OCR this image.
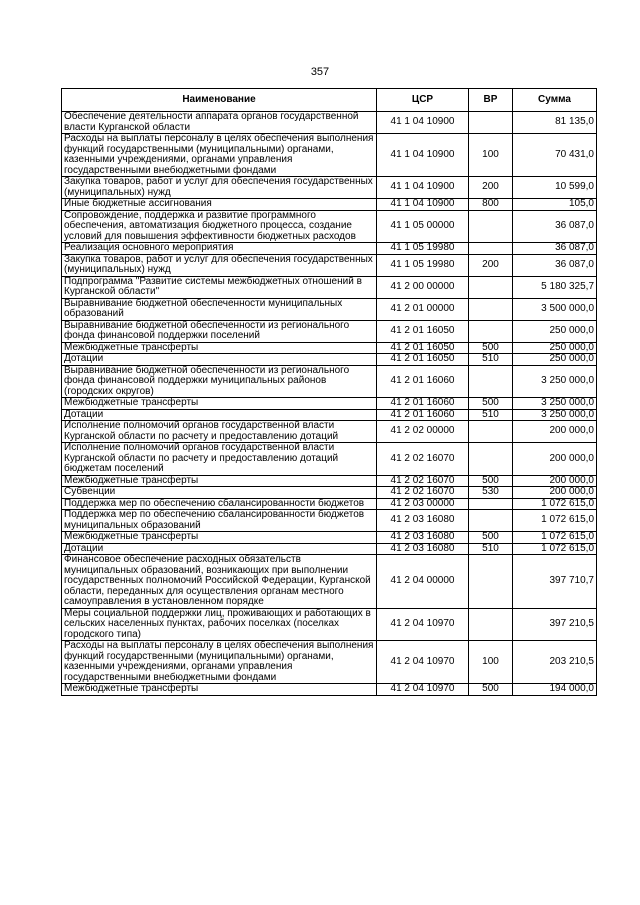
357
Наименование	ЦСР	ВР	Сумма
Обеспечение деятельности аппарата органов государственной власти Курганской области	41 1 04 10900		81 135,0
Расходы на выплаты персоналу в целях обеспечения выполнения функций государственными (муниципальными) органами, казенными учреждениями, органами управления государственными внебюджетными фондами	41 1 04 10900	100	70 431,0
Закупка товаров, работ и услуг для обеспечения государственных (муниципальных) нужд	41 1 04 10900	200	10 599,0
Иные бюджетные ассигнования	41 1 04 10900	800	105,0
Сопровождение, поддержка и развитие программного обеспечения, автоматизация бюджетного процесса, создание условий для повышения эффективности бюджетных расходов	41 1 05 00000		36 087,0
Реализация основного мероприятия	41 1 05 19980		36 087,0
Закупка товаров, работ и услуг для обеспечения государственных (муниципальных) нужд	41 1 05 19980	200	36 087,0
Подпрограмма "Развитие системы межбюджетных отношений в Курганской области"	41 2 00 00000		5 180 325,7
Выравнивание бюджетной обеспеченности муниципальных образований	41 2 01 00000		3 500 000,0
Выравнивание бюджетной обеспеченности из регионального фонда финансовой поддержки поселений	41 2 01 16050		250 000,0
Межбюджетные трансферты	41 2 01 16050	500	250 000,0
Дотации	41 2 01 16050	510	250 000,0
Выравнивание бюджетной обеспеченности из регионального фонда финансовой поддержки муниципальных районов (городских округов)	41 2 01 16060		3 250 000,0
Межбюджетные трансферты	41 2 01 16060	500	3 250 000,0
Дотации	41 2 01 16060	510	3 250 000,0
Исполнение полномочий органов государственной власти Курганской области по расчету и предоставлению дотаций	41 2 02 00000		200 000,0
Исполнение полномочий органов государственной власти Курганской области по расчету и предоставлению дотаций бюджетам поселений	41 2 02 16070		200 000,0
Межбюджетные трансферты	41 2 02 16070	500	200 000,0
Субвенции	41 2 02 16070	530	200 000,0
Поддержка мер по обеспечению сбалансированности бюджетов	41 2 03 00000		1 072 615,0
Поддержка мер по обеспечению сбалансированности бюджетов муниципальных образований	41 2 03 16080		1 072 615,0
Межбюджетные трансферты	41 2 03 16080	500	1 072 615,0
Дотации	41 2 03 16080	510	1 072 615,0
Финансовое обеспечение расходных обязательств муниципальных образований, возникающих при выполнении государственных полномочий Российской Федерации, Курганской области, переданных для осуществления органам местного самоуправления в установленном порядке	41 2 04 00000		397 710,7
Меры социальной поддержки лиц, проживающих и работающих в сельских населенных пунктах, рабочих поселках (поселках городского типа)	41 2 04 10970		397 210,5
Расходы на выплаты персоналу в целях обеспечения выполнения функций государственными (муниципальными) органами, казенными учреждениями, органами управления государственными внебюджетными фондами	41 2 04 10970	100	203 210,5
Межбюджетные трансферты	41 2 04 10970	500	194 000,0
